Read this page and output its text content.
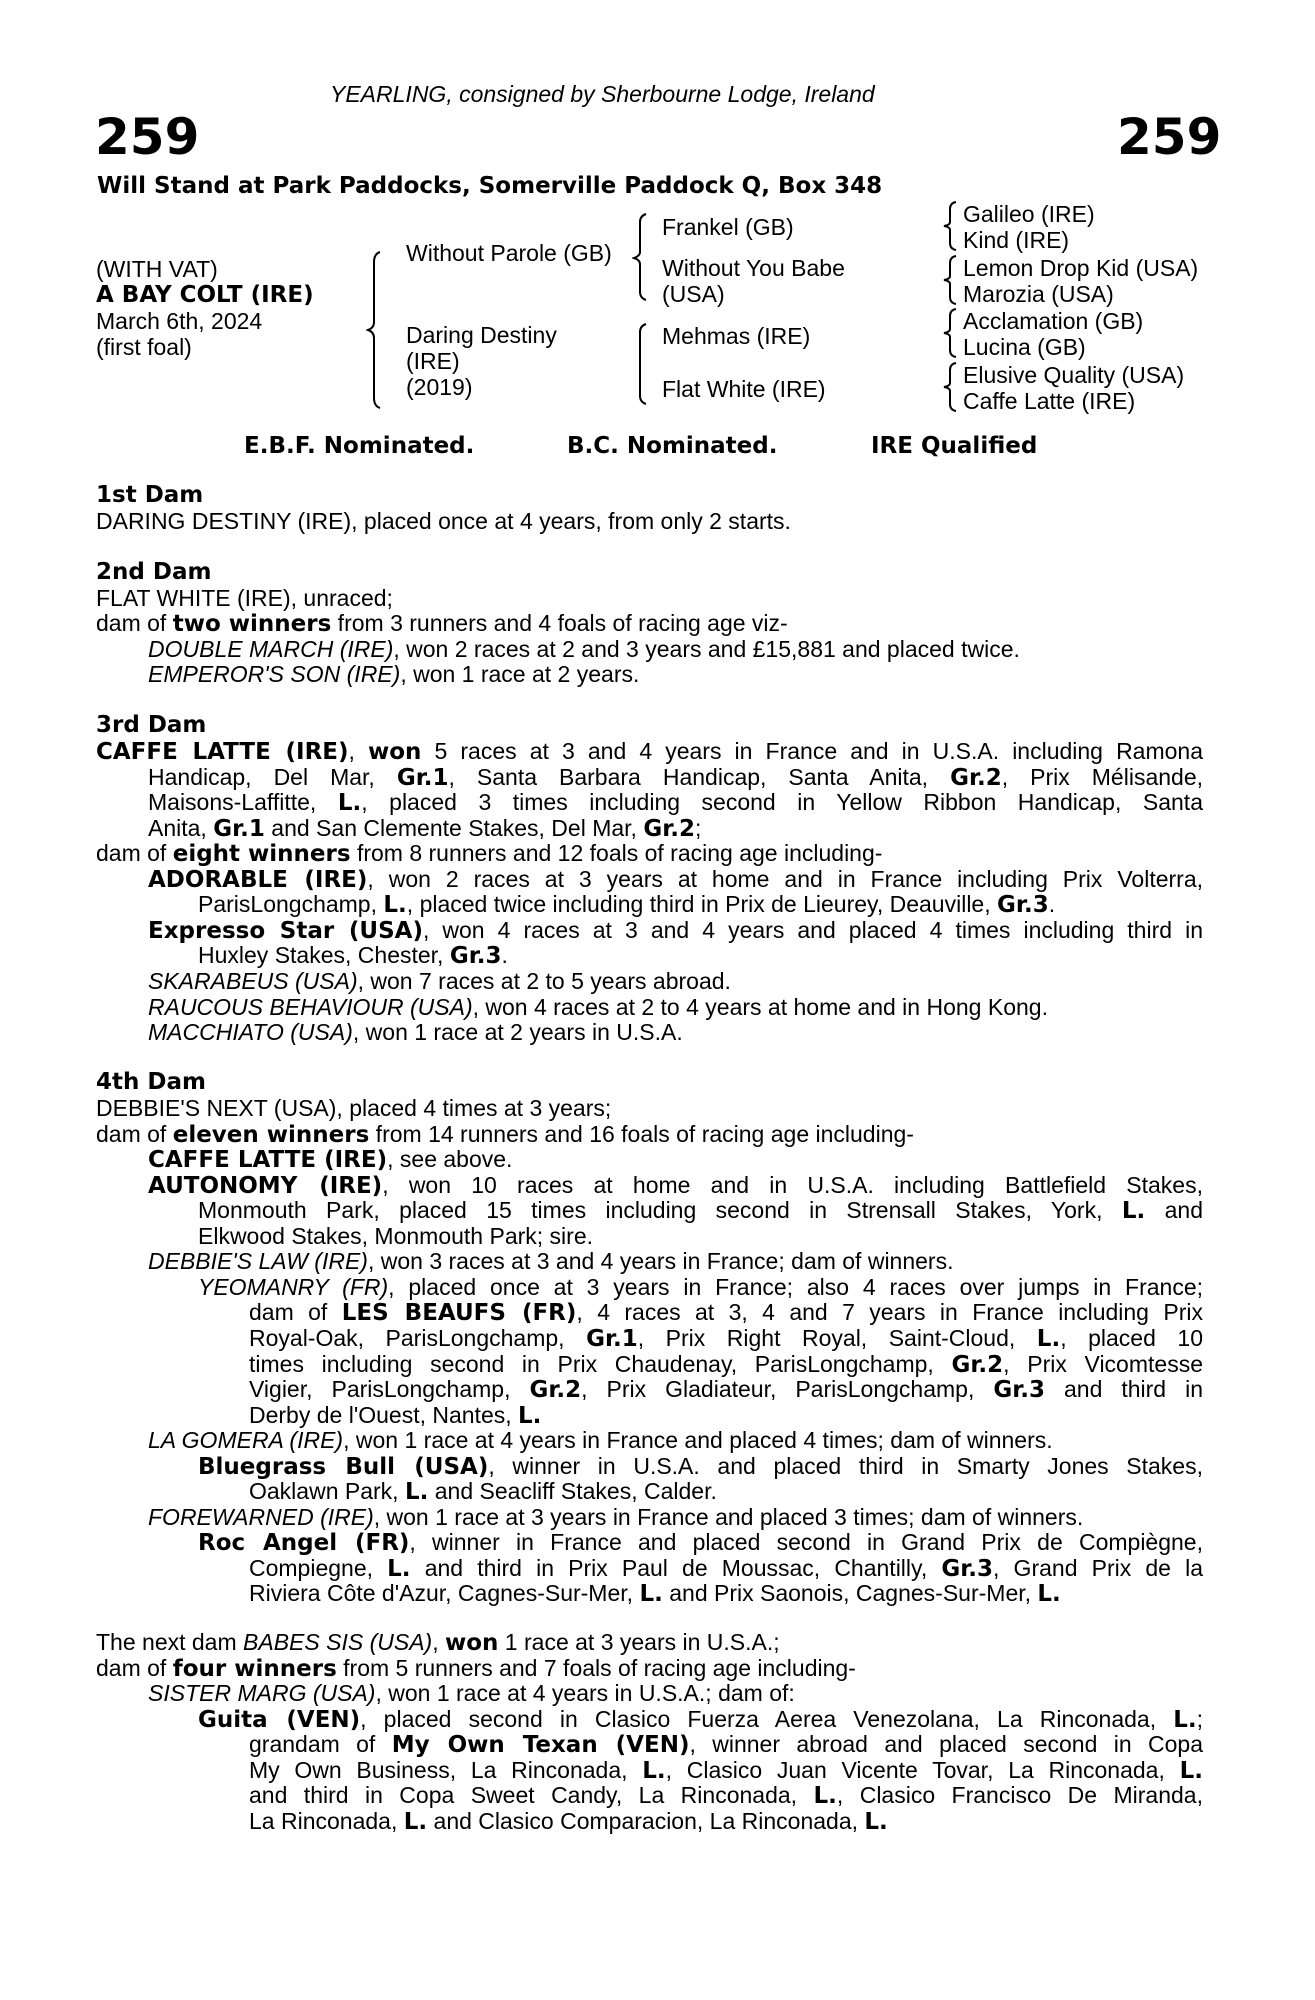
YEARLING, consigned by Sherbourne Lodge, Ireland
259	259
Will Stand at Park Paddocks, Somerville Paddock Q, Box 348
(WITH VAT)
A BAY COLT (IRE)
March 6th, 2024
(first foal)
Without Parole (GB)
Daring Destiny
(IRE)
(2019)
Frankel (GB)
Without You Babe
(USA)
Mehmas (IRE)
Flat White (IRE)
Galileo (IRE)
Kind (IRE)
Lemon Drop Kid (USA)
Marozia (USA)
Acclamation (GB)
Lucina (GB)
Elusive Quality (USA)
Caffe Latte (IRE)
E.B.F. Nominated.	B.C. Nominated.	IRE Qualified
1st Dam
DARING DESTINY (IRE), placed once at 4 years, from only 2 starts.
2nd Dam
FLAT WHITE (IRE), unraced;
dam of two winners from 3 runners and 4 foals of racing age viz-
DOUBLE MARCH (IRE), won 2 races at 2 and 3 years and £15,881 and placed twice.
EMPEROR'S SON (IRE), won 1 race at 2 years.
3rd Dam
CAFFE LATTE (IRE), won 5 races at 3 and 4 years in France and in U.S.A. including Ramona
Handicap, Del Mar, Gr.1, Santa Barbara Handicap, Santa Anita, Gr.2, Prix Mélisande,
Maisons-Laffitte, L., placed 3 times including second in Yellow Ribbon Handicap, Santa
Anita, Gr.1 and San Clemente Stakes, Del Mar, Gr.2;
dam of eight winners from 8 runners and 12 foals of racing age including-
ADORABLE (IRE), won 2 races at 3 years at home and in France including Prix Volterra,
ParisLongchamp, L., placed twice including third in Prix de Lieurey, Deauville, Gr.3.
Expresso Star (USA), won 4 races at 3 and 4 years and placed 4 times including third in
Huxley Stakes, Chester, Gr.3.
SKARABEUS (USA), won 7 races at 2 to 5 years abroad.
RAUCOUS BEHAVIOUR (USA), won 4 races at 2 to 4 years at home and in Hong Kong.
MACCHIATO (USA), won 1 race at 2 years in U.S.A.
4th Dam
DEBBIE'S NEXT (USA), placed 4 times at 3 years;
dam of eleven winners from 14 runners and 16 foals of racing age including-
CAFFE LATTE (IRE), see above.
AUTONOMY (IRE), won 10 races at home and in U.S.A. including Battlefield Stakes,
Monmouth Park, placed 15 times including second in Strensall Stakes, York, L. and
Elkwood Stakes, Monmouth Park; sire.
DEBBIE'S LAW (IRE), won 3 races at 3 and 4 years in France; dam of winners.
YEOMANRY (FR), placed once at 3 years in France; also 4 races over jumps in France;
dam of LES BEAUFS (FR), 4 races at 3, 4 and 7 years in France including Prix
Royal-Oak, ParisLongchamp, Gr.1, Prix Right Royal, Saint-Cloud, L., placed 10
times including second in Prix Chaudenay, ParisLongchamp, Gr.2, Prix Vicomtesse
Vigier, ParisLongchamp, Gr.2, Prix Gladiateur, ParisLongchamp, Gr.3 and third in
Derby de l'Ouest, Nantes, L.
LA GOMERA (IRE), won 1 race at 4 years in France and placed 4 times; dam of winners.
Bluegrass Bull (USA), winner in U.S.A. and placed third in Smarty Jones Stakes,
Oaklawn Park, L. and Seacliff Stakes, Calder.
FOREWARNED (IRE), won 1 race at 3 years in France and placed 3 times; dam of winners.
Roc Angel (FR), winner in France and placed second in Grand Prix de Compiègne,
Compiegne, L. and third in Prix Paul de Moussac, Chantilly, Gr.3, Grand Prix de la
Riviera Côte d'Azur, Cagnes-Sur-Mer, L. and Prix Saonois, Cagnes-Sur-Mer, L.
The next dam BABES SIS (USA), won 1 race at 3 years in U.S.A.;
dam of four winners from 5 runners and 7 foals of racing age including-
SISTER MARG (USA), won 1 race at 4 years in U.S.A.; dam of:
Guita (VEN), placed second in Clasico Fuerza Aerea Venezolana, La Rinconada, L.;
grandam of My Own Texan (VEN), winner abroad and placed second in Copa
My Own Business, La Rinconada, L., Clasico Juan Vicente Tovar, La Rinconada, L.
and third in Copa Sweet Candy, La Rinconada, L., Clasico Francisco De Miranda,
La Rinconada, L. and Clasico Comparacion, La Rinconada, L.
